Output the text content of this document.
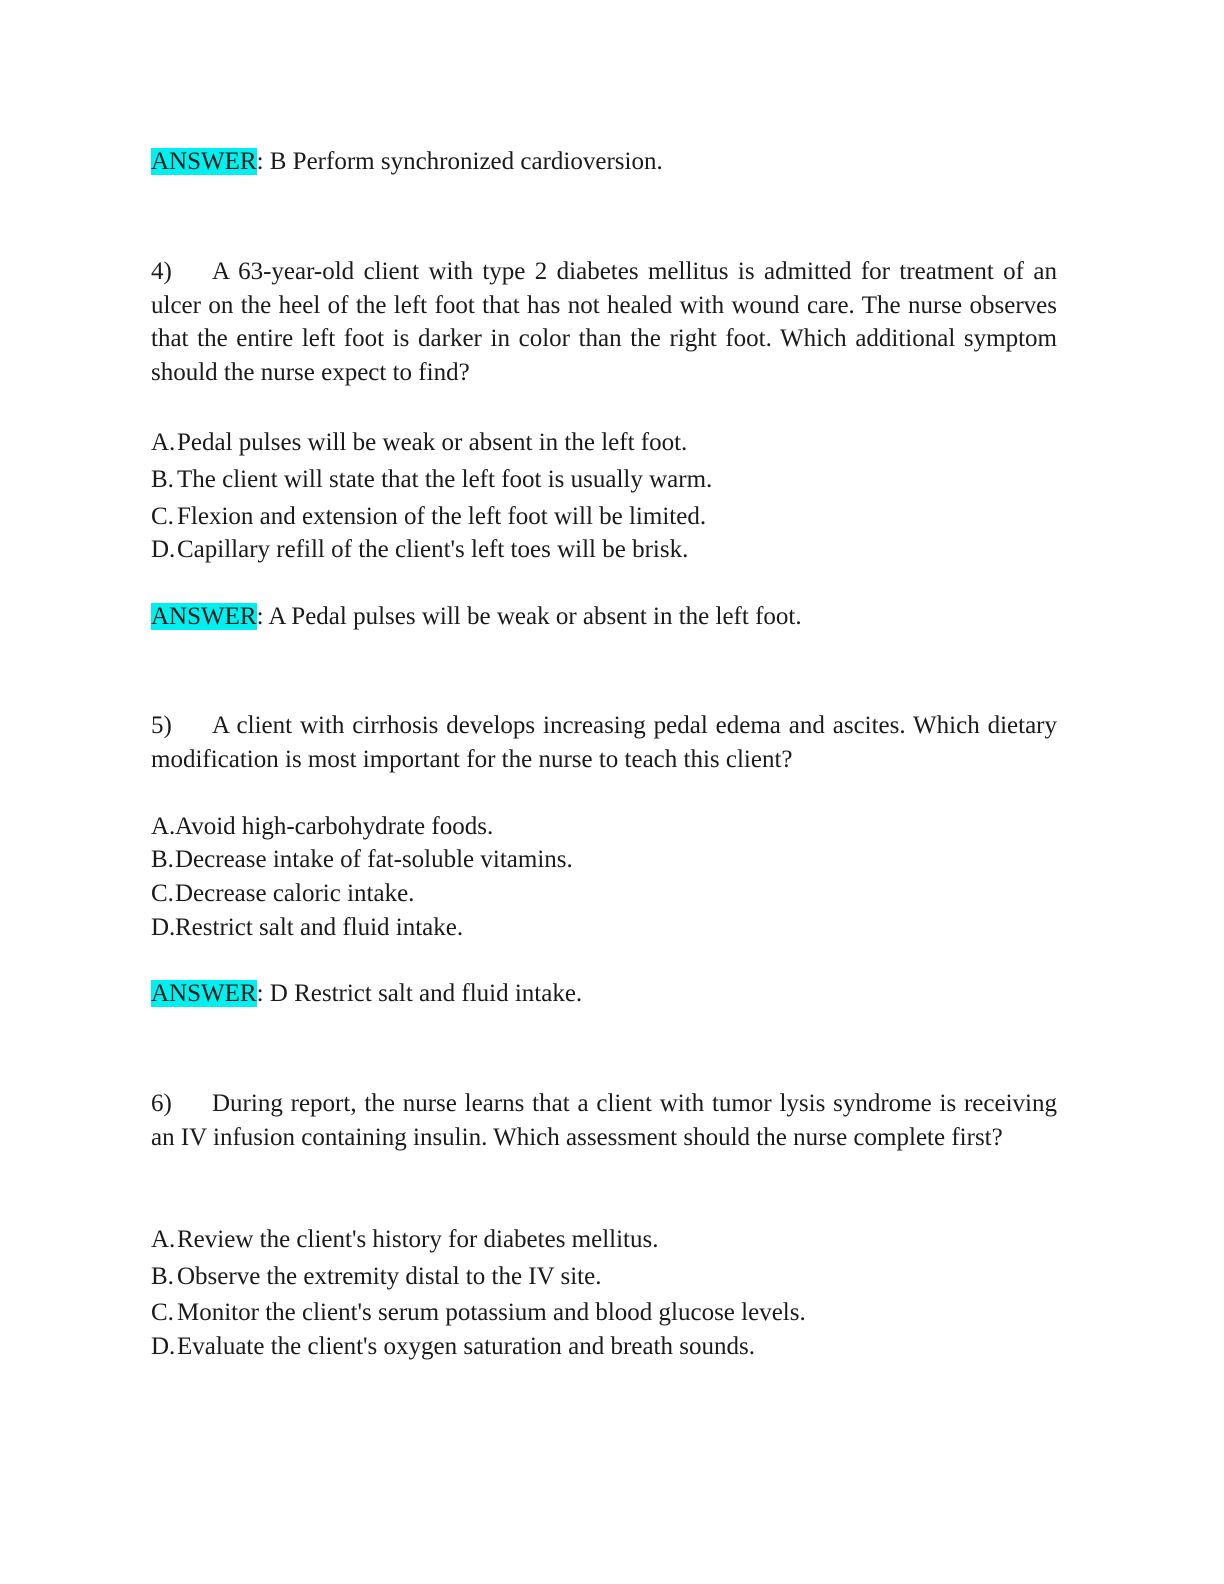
ANSWER: B Perform synchronized cardioversion.
4) A 63-year-old client with type 2 diabetes mellitus is admitted for treatment of an ulcer on the heel of the left foot that has not healed with wound care. The nurse observes that the entire left foot is darker in color than the right foot. Which additional symptom should the nurse expect to find?
A.Pedal pulses will be weak or absent in the left foot.
B. The client will state that the left foot is usually warm.
C. Flexion and extension of the left foot will be limited.
D.Capillary refill of the client's left toes will be brisk.
ANSWER: A Pedal pulses will be weak or absent in the left foot.
5) A client with cirrhosis develops increasing pedal edema and ascites. Which dietary modification is most important for the nurse to teach this client?
A.Avoid high-carbohydrate foods.
B.Decrease intake of fat-soluble vitamins.
C.Decrease caloric intake.
D.Restrict salt and fluid intake.
ANSWER: D Restrict salt and fluid intake.
6) During report, the nurse learns that a client with tumor lysis syndrome is receiving an IV infusion containing insulin. Which assessment should the nurse complete first?
A.Review the client's history for diabetes mellitus.
B. Observe the extremity distal to the IV site.
C. Monitor the client's serum potassium and blood glucose levels.
D.Evaluate the client's oxygen saturation and breath sounds.
